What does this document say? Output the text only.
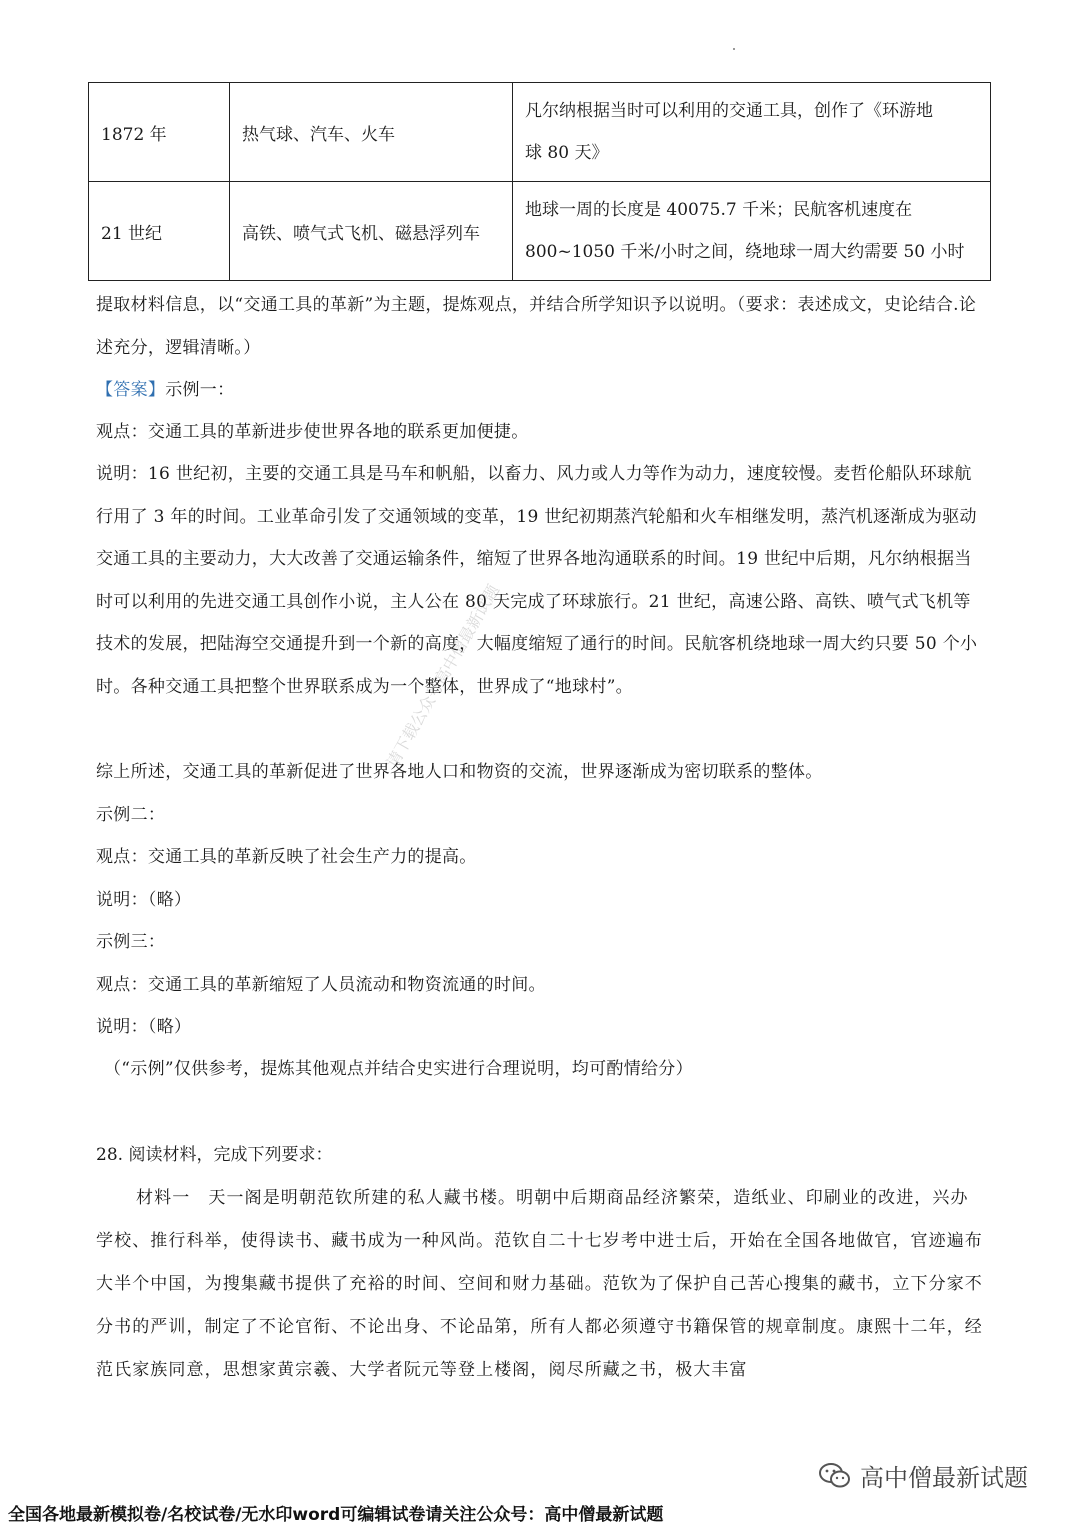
1872 年	热气球、汽车、火车	凡尔纳根据当时可以利用的交通工具，创作了《环游地
球 80 天》

21 世纪	高铁、喷气式飞机、磁悬浮列车	地球一周的长度是 40075.7 千米；民航客机速度在
800~1050 千米/小时之间，绕地球一周大约需要 50 小时

提取材料信息，以“交通工具的革新”为主题，提炼观点，并结合所学知识予以说明。（要求：表述成文，史论结合.论述充分，逻辑清晰。）

【答案】示例一：

观点：交通工具的革新进步使世界各地的联系更加便捷。

说明：16 世纪初，主要的交通工具是马车和帆船，以畜力、风力或人力等作为动力，速度较慢。麦哲伦船队环球航行用了 3 年的时间。工业革命引发了交通领域的变革，19 世纪初期蒸汽轮船和火车相继发明，蒸汽机逐渐成为驱动交通工具的主要动力，大大改善了交通运输条件，缩短了世界各地沟通联系的时间。19 世纪中后期，凡尔纳根据当时可以利用的先进交通工具创作小说，主人公在 80 天完成了环球旅行。21 世纪，高速公路、高铁、喷气式飞机等技术的发展，把陆海空交通提升到一个新的高度，大幅度缩短了通行的时间。民航客机绕地球一周大约只要 50 个小时。各种交通工具把整个世界联系成为一个整体，世界成了“地球村”。

综上所述，交通工具的革新促进了世界各地人口和物资的交流，世界逐渐成为密切联系的整体。

示例二：

观点：交通工具的革新反映了社会生产力的提高。

说明：（略）

示例三：

观点：交通工具的革新缩短了人员流动和物资流通的时间。

说明：（略）

（“示例”仅供参考，提炼其他观点并结合史实进行合理说明，均可酌情给分）

28. 阅读材料，完成下列要求：

材料一　天一阁是明朝范钦所建的私人藏书楼。明朝中后期商品经济繁荣，造纸业、印刷业的改进，兴办学校、推行科举，使得读书、藏书成为一种风尚。范钦自二十七岁考中进士后，开始在全国各地做官，官迹遍布大半个中国，为搜集藏书提供了充裕的时间、空间和财力基础。范钦为了保护自己苦心搜集的藏书，立下分家不分书的严训，制定了不论官衔、不论出身、不论品第，所有人都必须遵守书籍保管的规章制度。康熙十二年，经范氏家族同意，思想家黄宗羲、大学者阮元等登上楼阁，阅尽所藏之书，极大丰富

请下载公众号高中僧最新试题
高中僧最新试题
全国各地最新模拟卷/名校试卷/无水印word可编辑试卷请关注公众号：高中僧最新试题
